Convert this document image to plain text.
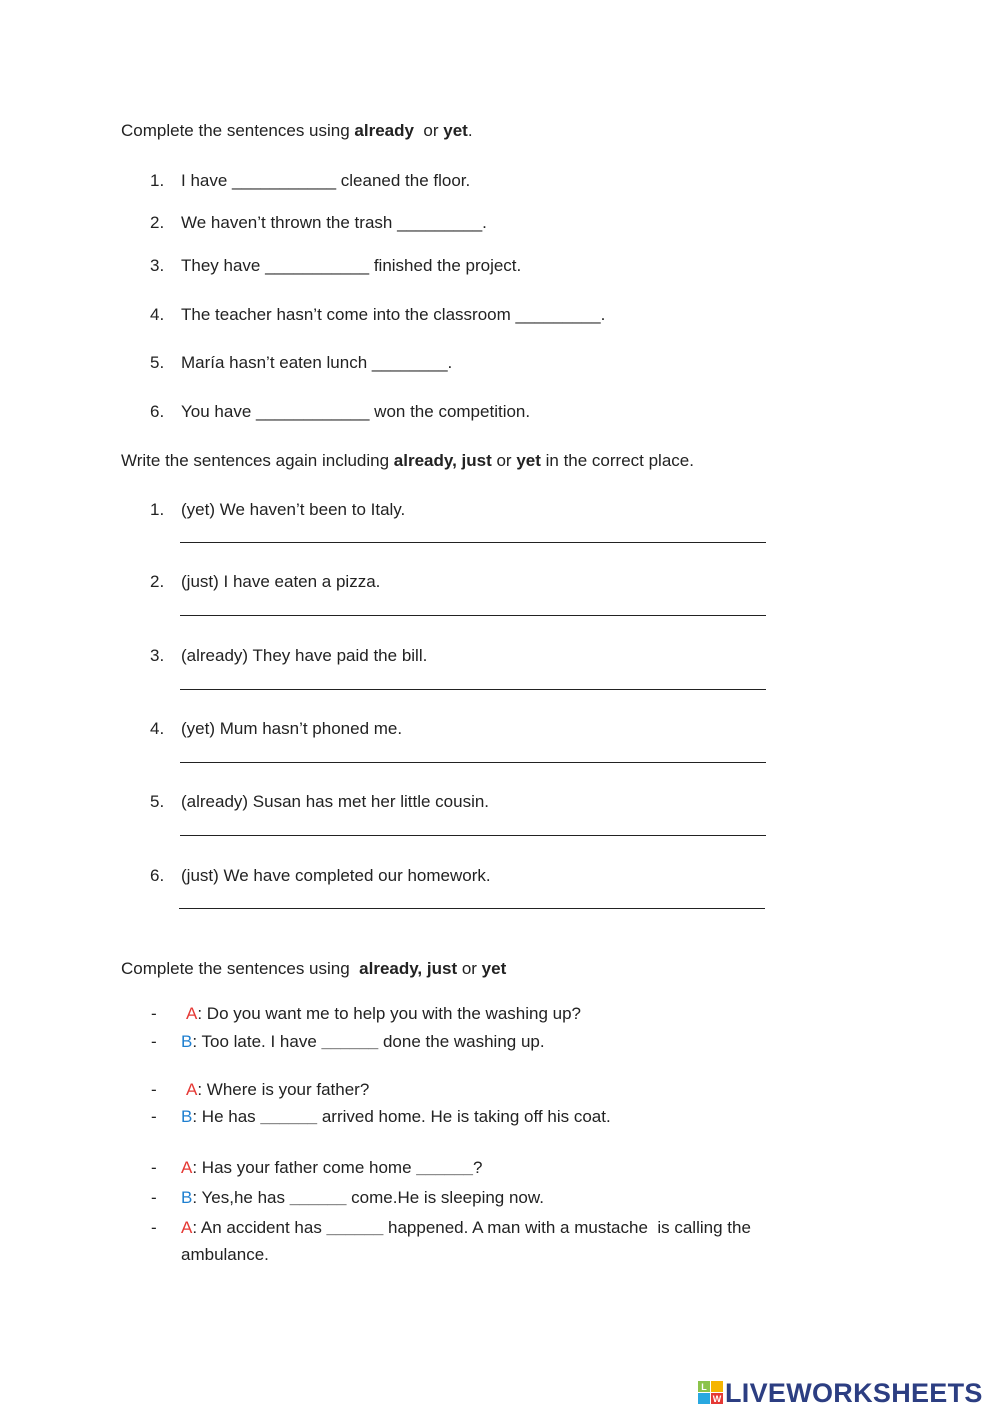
Complete the sentences using already  or yet.
1. I have ___________ cleaned the floor.
2. We haven’t thrown the trash _________.
3. They have ___________ finished the project.
4. The teacher hasn’t come into the classroom _________.
5. María hasn’t eaten lunch ________.
6. You have ____________ won the competition.
Write the sentences again including already, just or yet in the correct place.
1. (yet) We haven’t been to Italy.
2. (just) I have eaten a pizza.
3. (already) They have paid the bill.
4. (yet) Mum hasn’t phoned me.
5. (already) Susan has met her little cousin.
6. (just) We have completed our homework.
Complete the sentences using  already, just or yet
- A: Do you want me to help you with the washing up?
- B: Too late. I have ______ done the washing up.
- A: Where is your father?
- B: He has ______ arrived home. He is taking off his coat.
- A: Has your father come home ______?
- B: Yes,he has ______ come.He is sleeping now.
- A: An accident has ______ happened. A man with a mustache  is calling the
ambulance.
L
W LIVEWORKSHEETS
